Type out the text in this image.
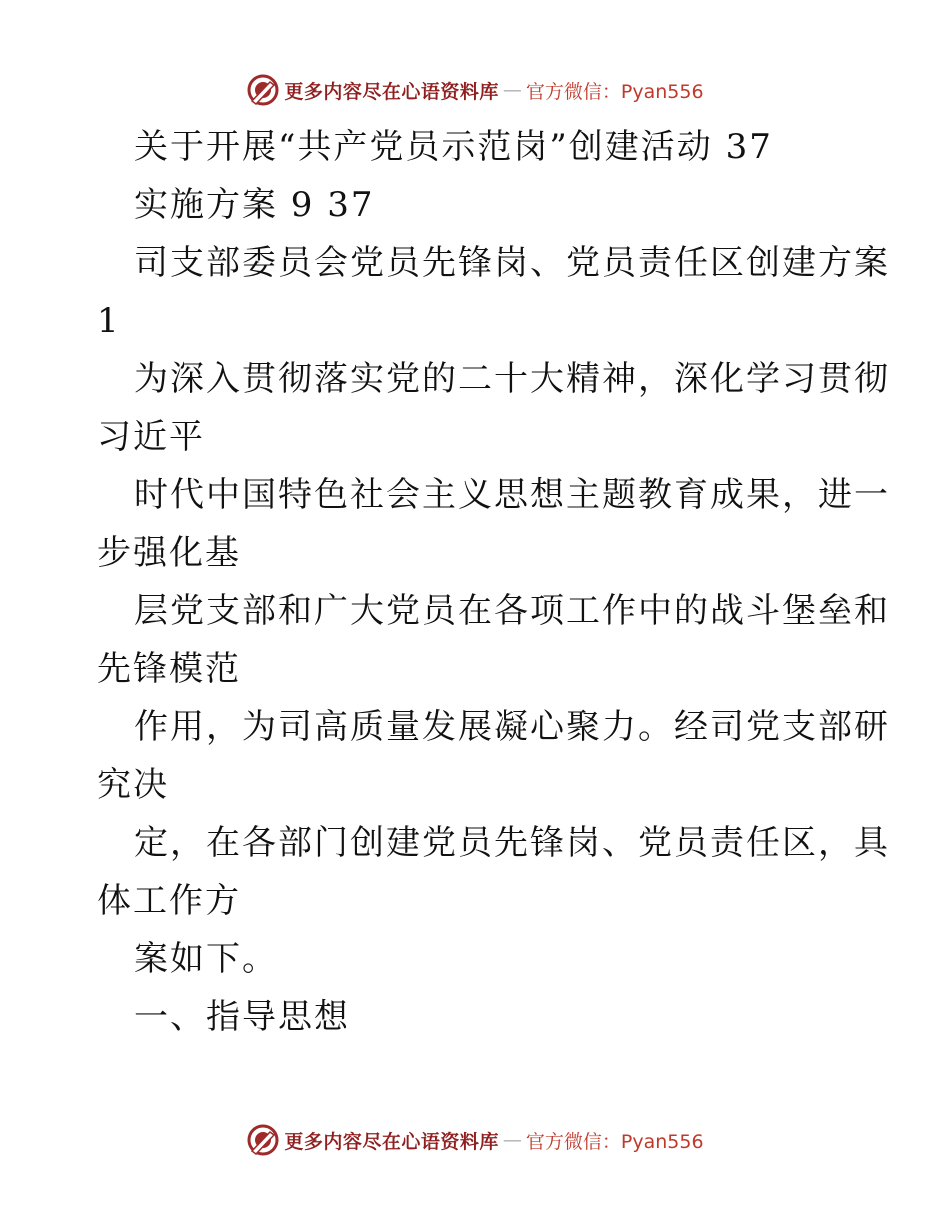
更多内容尽在心语资料库 — 官方微信：Pyan556
关于开展“共产党员示范岗”创建活动 37
实施方案 9 37
司支部委员会党员先锋岗、党员责任区创建方案
1
为深入贯彻落实党的二十大精神，深化学习贯彻
习近平
时代中国特色社会主义思想主题教育成果，进一
步强化基
层党支部和广大党员在各项工作中的战斗堡垒和
先锋模范
作用，为司高质量发展凝心聚力。经司党支部研
究决
定，在各部门创建党员先锋岗、党员责任区，具
体工作方
案如下。
一、指导思想
更多内容尽在心语资料库 — 官方微信：Pyan556
